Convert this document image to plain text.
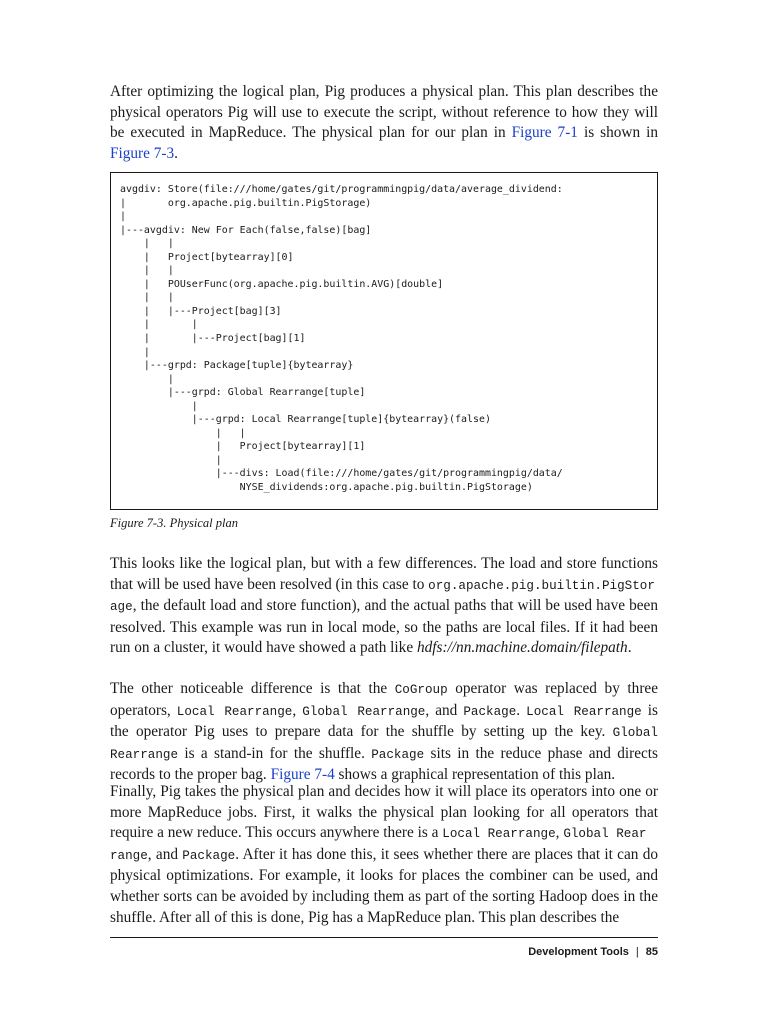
After optimizing the logical plan, Pig produces a physical plan. This plan describes the physical operators Pig will use to execute the script, without reference to how they will be executed in MapReduce. The physical plan for our plan in Figure 7-1 is shown in Figure 7-3.
avgdiv: Store(file:///home/gates/git/programmingpig/data/average_dividend:
|       org.apache.pig.builtin.PigStorage)
|
|---avgdiv: New For Each(false,false)[bag]
|   |
|   Project[bytearray][0]
|   |
|   POUserFunc(org.apache.pig.builtin.AVG)[double]
|   |
|   |---Project[bag][3]
|       |
|       |---Project[bag][1]
|
|---grpd: Package[tuple]{bytearray}
|
|---grpd: Global Rearrange[tuple]
|
|---grpd: Local Rearrange[tuple]{bytearray}(false)
|   |
|   Project[bytearray][1]
|
|---divs: Load(file:///home/gates/git/programmingpig/data/
NYSE_dividends:org.apache.pig.builtin.PigStorage)
Figure 7-3. Physical plan
This looks like the logical plan, but with a few differences. The load and store functions that will be used have been resolved (in this case to org.apache.pig.builtin.PigStor
age, the default load and store function), and the actual paths that will be used have been resolved. This example was run in local mode, so the paths are local files. If it had been run on a cluster, it would have showed a path like hdfs://nn.machine.domain/filepath.
The other noticeable difference is that the CoGroup operator was replaced by three operators, Local Rearrange, Global Rearrange, and Package. Local Rearrange is the operator Pig uses to prepare data for the shuffle by setting up the key. Global Rearrange is a stand-in for the shuffle. Package sits in the reduce phase and directs records to the proper bag. Figure 7-4 shows a graphical representation of this plan.
Finally, Pig takes the physical plan and decides how it will place its operators into one or more MapReduce jobs. First, it walks the physical plan looking for all operators that require a new reduce. This occurs anywhere there is a Local Rearrange, Global Rear
range, and Package. After it has done this, it sees whether there are places that it can do physical optimizations. For example, it looks for places the combiner can be used, and whether sorts can be avoided by including them as part of the sorting Hadoop does in the shuffle. After all of this is done, Pig has a MapReduce plan. This plan describes the
Development Tools | 85
